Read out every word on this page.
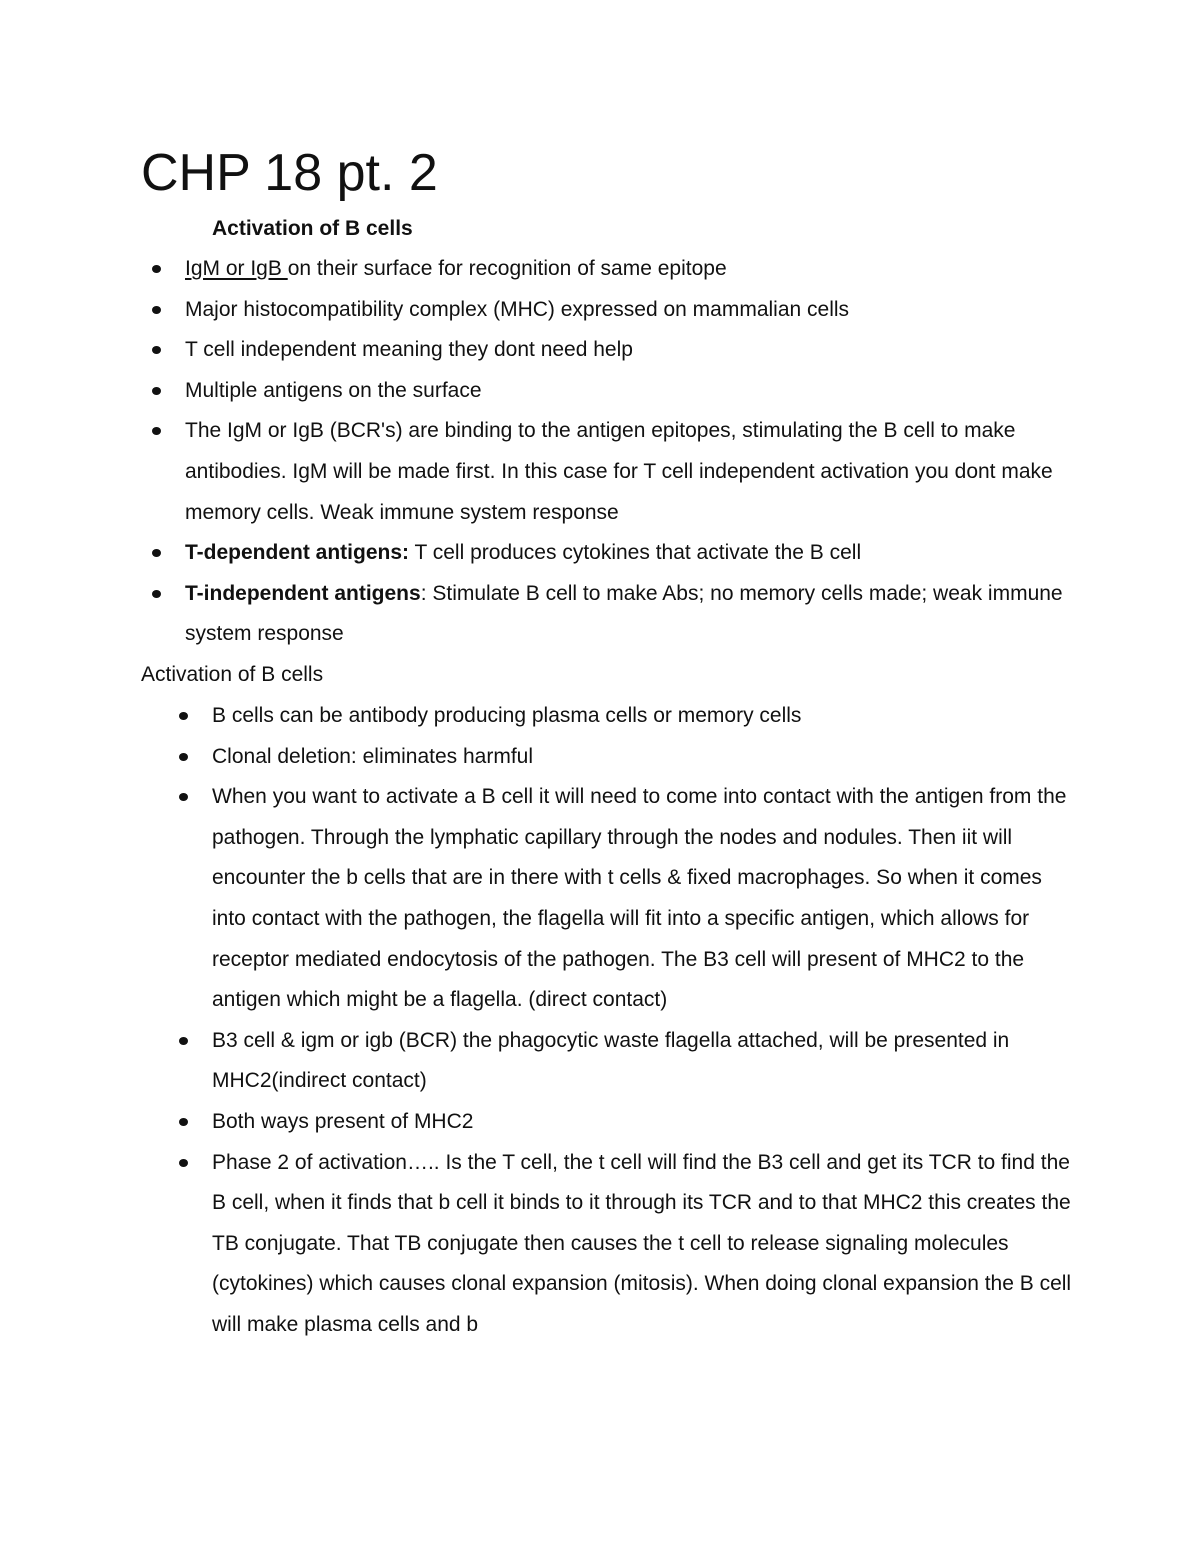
CHP 18 pt. 2
Activation of B cells
IgM or IgB on their surface for recognition of same epitope
Major histocompatibility complex (MHC) expressed on mammalian cells
T cell independent meaning they dont need help
Multiple antigens on the surface
The IgM or IgB (BCR's) are binding to the antigen epitopes, stimulating the B cell to make antibodies. IgM will be made first. In this case for T cell independent activation you dont make memory cells. Weak immune system response
T-dependent antigens: T cell produces cytokines that activate the B cell
T-independent antigens: Stimulate B cell to make Abs; no memory cells made; weak immune system response

Activation of B cells

B cells can be antibody producing plasma cells or memory cells
Clonal deletion: eliminates harmful
When you want to activate a B cell it will need to come into contact with the antigen from the pathogen. Through the lymphatic capillary through the nodes and nodules. Then iit will encounter the b cells that are in there with t cells & fixed macrophages. So when it comes into contact with the pathogen, the flagella will fit into a specific antigen, which allows for receptor mediated endocytosis of the pathogen. The B3 cell will present of MHC2 to the antigen which might be a flagella. (direct contact)
B3 cell & igm or igb (BCR) the phagocytic waste flagella attached, will be presented in MHC2(indirect contact)
Both ways present of MHC2
Phase 2 of activation….. Is the T cell, the t cell will find the B3 cell and get its TCR to find the B cell, when it finds that b cell it binds to it through its TCR and to that MHC2 this creates the TB conjugate. That TB conjugate then causes the t cell to release signaling molecules (cytokines) which causes clonal expansion (mitosis). When doing clonal expansion the B cell will make plasma cells and b
